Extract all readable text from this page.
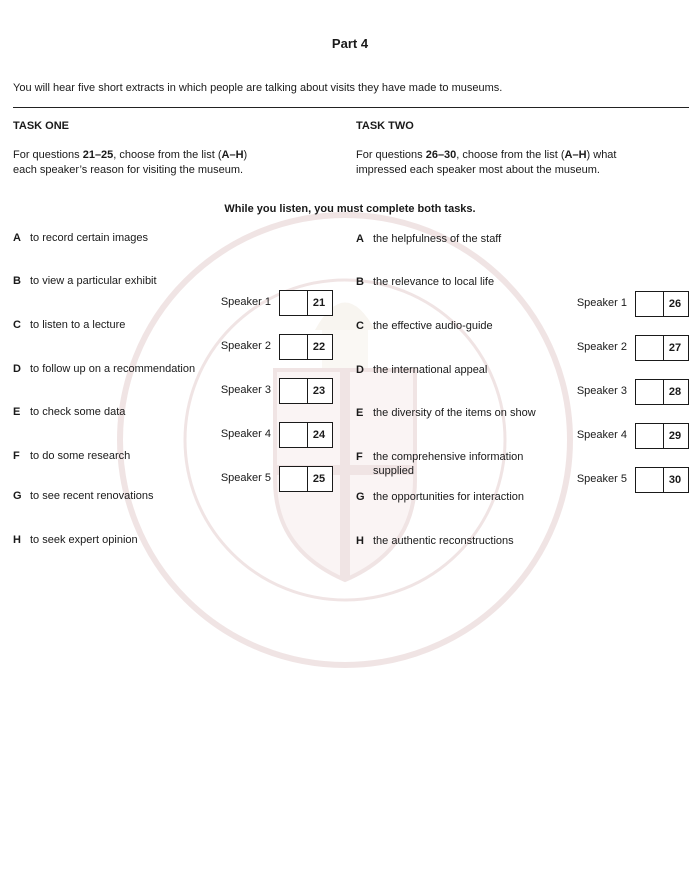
Part 4
You will hear five short extracts in which people are talking about visits they have made to museums.
TASK ONE
For questions 21–25, choose from the list (A–H)
each speaker’s reason for visiting the museum.
TASK TWO
For questions 26–30, choose from the list (A–H) what
impressed each speaker most about the museum.
While you listen, you must complete both tasks.
A to record certain images
B to view a particular exhibit
C to listen to a lecture
D to follow up on a recommendation
E to check some data
F to do some research
G to see recent renovations
H to seek expert opinion
Speaker 1	21
Speaker 2	22
Speaker 3	23
Speaker 4	24
Speaker 5	25
A the helpfulness of the staff
B the relevance to local life
C the effective audio-guide
D the international appeal
E the diversity of the items on show
F the comprehensive information supplied
G the opportunities for interaction
H the authentic reconstructions
Speaker 1	26
Speaker 2	27
Speaker 3	28
Speaker 4	29
Speaker 5	30
